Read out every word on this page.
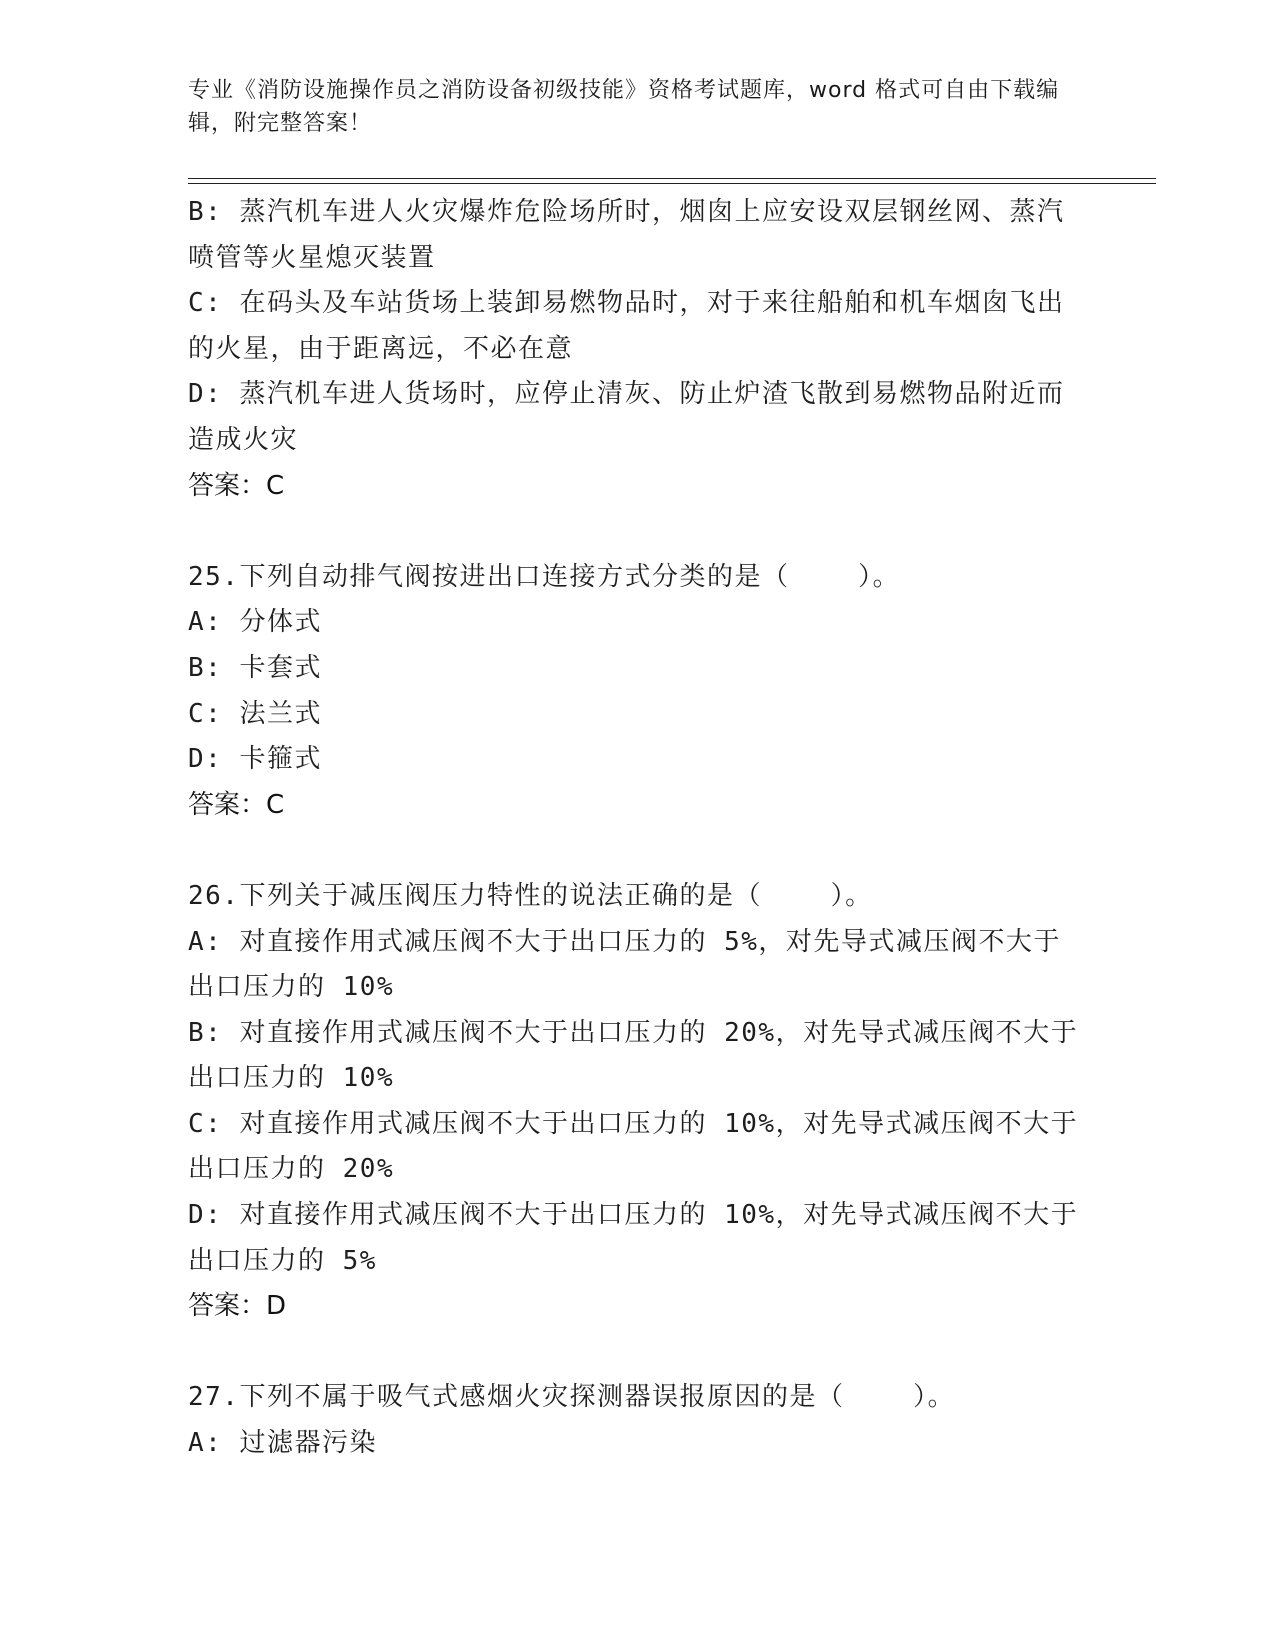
专业《消防设施操作员之消防设备初级技能》资格考试题库，word 格式可自由下载编辑，附完整答案！
B: 蒸汽机车进人火灾爆炸危险场所时，烟囱上应安设双层钢丝网、蒸汽喷管等火星熄灭装置
C: 在码头及车站货场上装卸易燃物品时，对于来往船舶和机车烟囱飞出的火星，由于距离远，不必在意
D: 蒸汽机车进人货场时，应停止清灰、防止炉渣飞散到易燃物品附近而造成火灾
答案：C
25.下列自动排气阀按进出口连接方式分类的是（    ）。
A: 分体式
B: 卡套式
C: 法兰式
D: 卡箍式
答案：C
26.下列关于减压阀压力特性的说法正确的是（    ）。
A: 对直接作用式减压阀不大于出口压力的 5%，对先导式减压阀不大于出口压力的 10%
B: 对直接作用式减压阀不大于出口压力的 20%，对先导式减压阀不大于出口压力的 10%
C: 对直接作用式减压阀不大于出口压力的 10%，对先导式减压阀不大于出口压力的 20%
D: 对直接作用式减压阀不大于出口压力的 10%，对先导式减压阀不大于出口压力的 5%
答案：D
27.下列不属于吸气式感烟火灾探测器误报原因的是（    ）。
A: 过滤器污染
